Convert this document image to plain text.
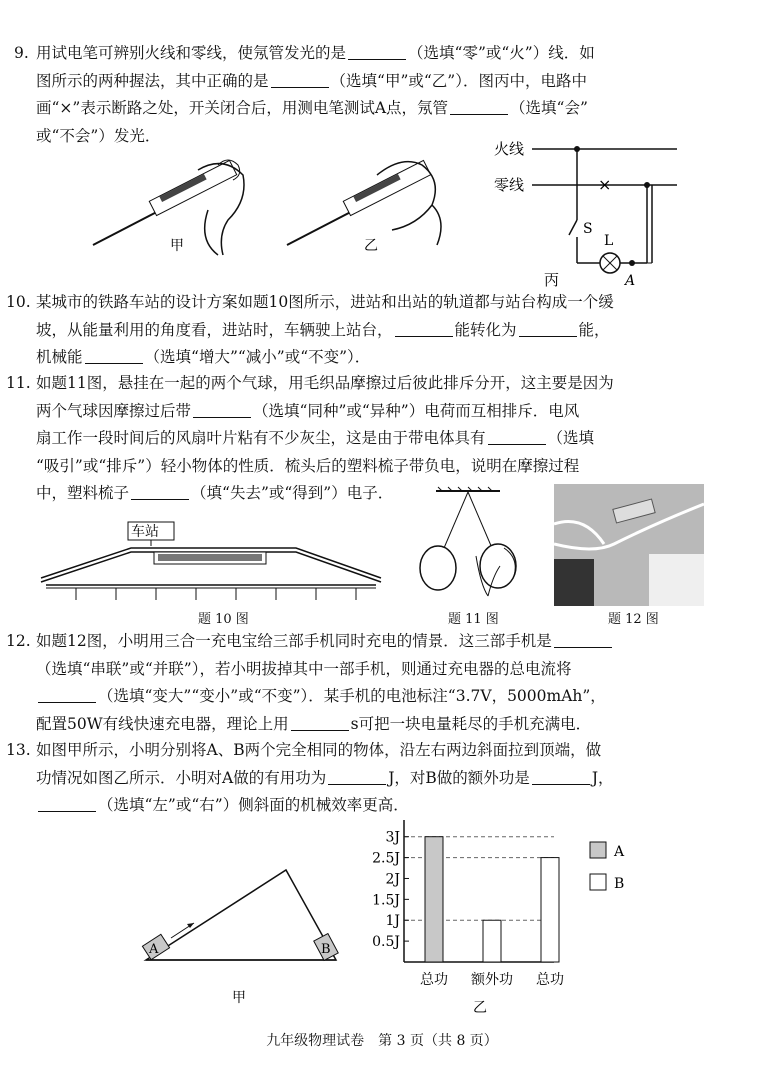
9. 用试电笔可辨别火线和零线，使氖管发光的是	（选填“零”或“火”）线．如
图所示的两种握法，其中正确的是	（选填“甲”或“乙”）．图丙中，电路中
画“×”表示断路之处，开关闭合后，用测电笔测试A点，氖管	（选填“会”
或“不会”）发光．
甲	乙
火线
零线
S
L
A
×
丙
10. 某城市的铁路车站的设计方案如题10图所示，进站和出站的轨道都与站台构成一个缓
坡，从能量利用的角度看，进站时，车辆驶上站台，	能转化为	能，
机械能	（选填“增大”“减小”或“不变”）．
11. 如题11图，悬挂在一起的两个气球，用毛织品摩擦过后彼此排斥分开，这主要是因为
两个气球因摩擦过后带	（选填“同种”或“异种”）电荷而互相排斥．电风
扇工作一段时间后的风扇叶片粘有不少灰尘，这是由于带电体具有	（选填
“吸引”或“排斥”）轻小物体的性质．梳头后的塑料梳子带负电，说明在摩擦过程
中，塑料梳子	（填“失去”或“得到”）电子．
车站
题 10 图	题 11 图	题 12 图
12. 如题12图，小明用三合一充电宝给三部手机同时充电的情景．这三部手机是
（选填“串联”或“并联”），若小明拔掉其中一部手机，则通过充电器的总电流将
（选填“变大”“变小”或“不变”）．某手机的电池标注“3.7V，5000mAh”，
配置50W有线快速充电器，理论上用	s可把一块电量耗尽的手机充满电．
13. 如图甲所示，小明分别将A、B两个完全相同的物体，沿左右两边斜面拉到顶端，做
功情况如图乙所示．小明对A做的有用功为	J，对B做的额外功是	J，
（选填“左”或“右”）侧斜面的机械效率更高．
A	B
甲
0.5J
1J
1.5J
2J
2.5J
3J
总功 额外功 总功
A
B
乙
九年级物理试卷　第 3 页（共 8 页）
